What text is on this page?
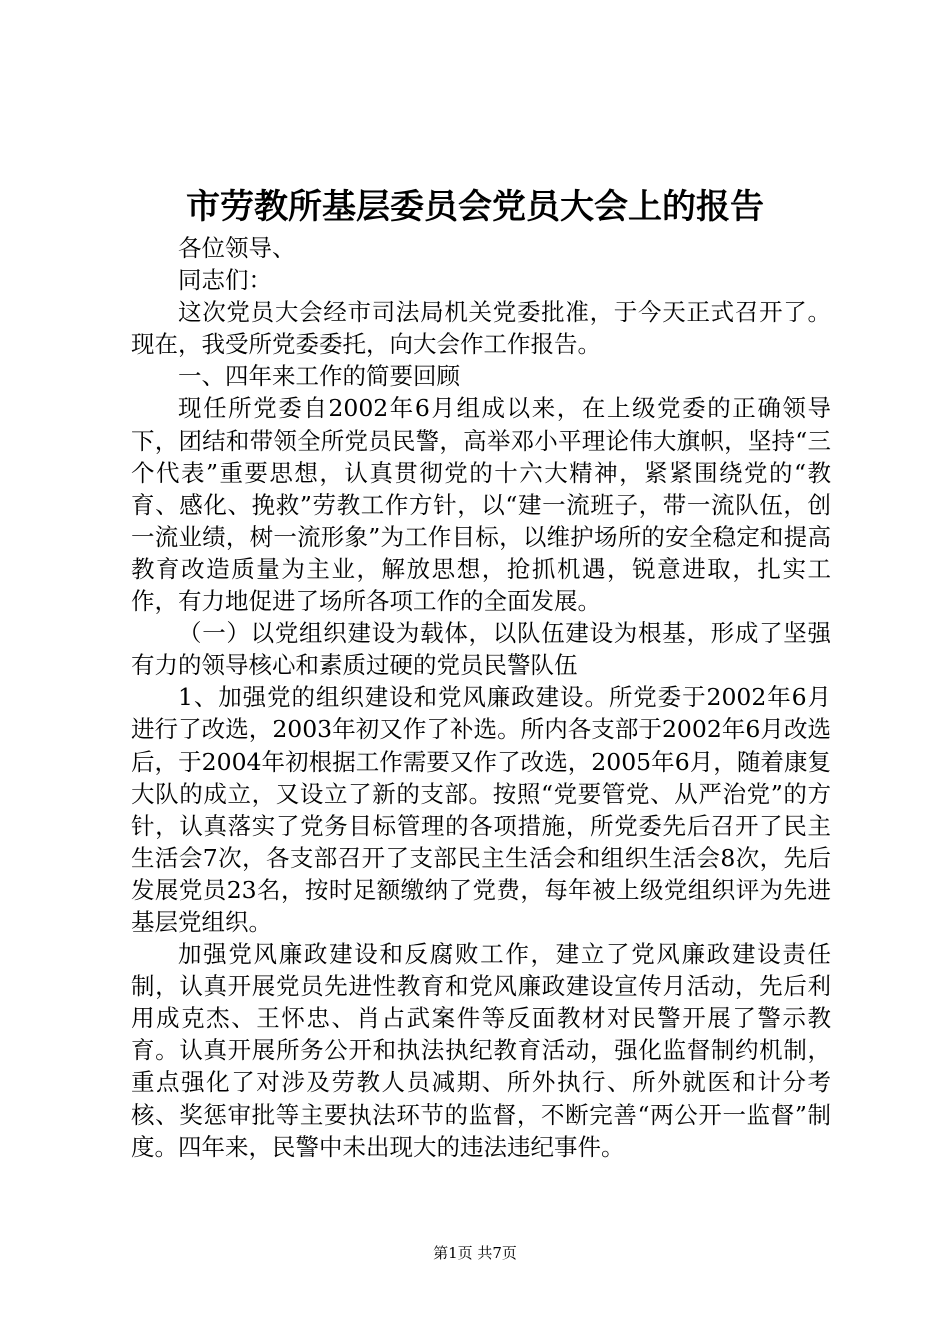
市劳教所基层委员会党员大会上的报告

各位领导、

同志们：

这次党员大会经市司法局机关党委批准，于今天正式召开了。现在，我受所党委委托，向大会作工作报告。

一、四年来工作的简要回顾

现任所党委自2002年6月组成以来，在上级党委的正确领导下，团结和带领全所党员民警，高举邓小平理论伟大旗帜，坚持“三个代表”重要思想，认真贯彻党的十六大精神，紧紧围绕党的“教育、感化、挽救”劳教工作方针，以“建一流班子，带一流队伍，创一流业绩，树一流形象”为工作目标，以维护场所的安全稳定和提高教育改造质量为主业，解放思想，抢抓机遇，锐意进取，扎实工作，有力地促进了场所各项工作的全面发展。

（一）以党组织建设为载体，以队伍建设为根基，形成了坚强有力的领导核心和素质过硬的党员民警队伍

1、加强党的组织建设和党风廉政建设。所党委于2002年6月进行了改选，2003年初又作了补选。所内各支部于2002年6月改选后，于2004年初根据工作需要又作了改选，2005年6月，随着康复大队的成立，又设立了新的支部。按照“党要管党、从严治党”的方针，认真落实了党务目标管理的各项措施，所党委先后召开了民主生活会7次，各支部召开了支部民主生活会和组织生活会8次，先后发展党员23名，按时足额缴纳了党费，每年被上级党组织评为先进基层党组织。

加强党风廉政建设和反腐败工作，建立了党风廉政建设责任制，认真开展党员先进性教育和党风廉政建设宣传月活动，先后利用成克杰、王怀忠、肖占武案件等反面教材对民警开展了警示教育。认真开展所务公开和执法执纪教育活动，强化监督制约机制，重点强化了对涉及劳教人员减期、所外执行、所外就医和计分考核、奖惩审批等主要执法环节的监督，不断完善“两公开一监督”制度。四年来，民警中未出现大的违法违纪事件。

第1页 共7页
